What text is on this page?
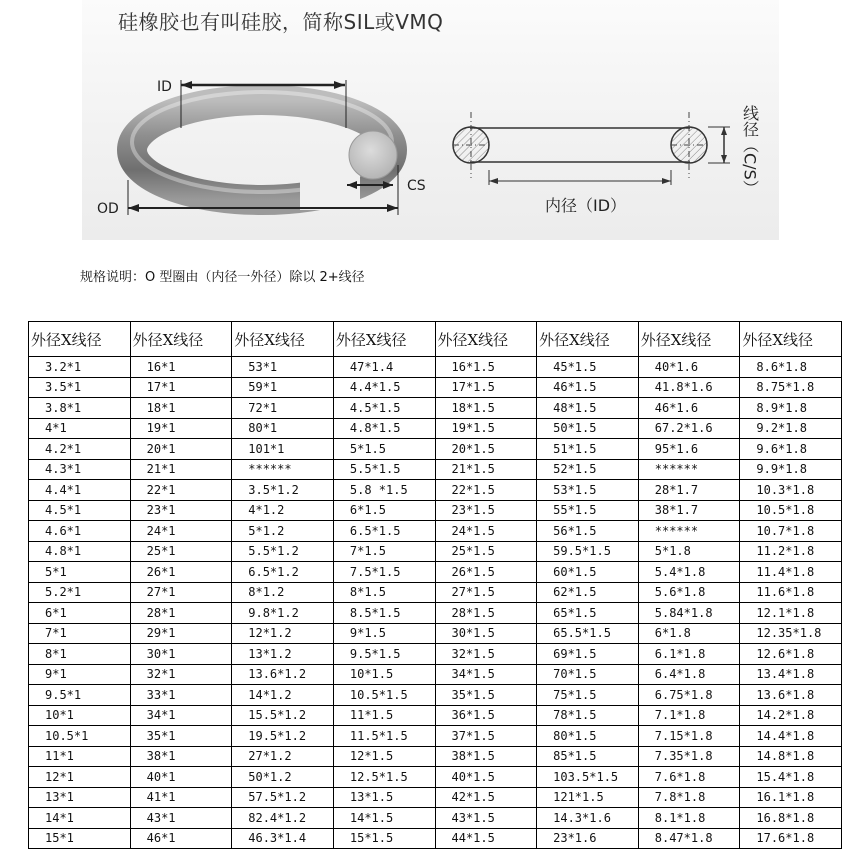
硅橡胶也有叫硅胶，简称SIL或VMQ
ID
OD
CS
内径（ID）
线径（C/S）
规格说明：O 型圈由（内径一外径）除以 2+线径
外径X线径	外径X线径	外径X线径	外径X线径	外径X线径	外径X线径	外径X线径	外径X线径
3.2*1	16*1	53*1	47*1.4	16*1.5	45*1.5	40*1.6	8.6*1.8
3.5*1	17*1	59*1	4.4*1.5	17*1.5	46*1.5	41.8*1.6	8.75*1.8
3.8*1	18*1	72*1	4.5*1.5	18*1.5	48*1.5	46*1.6	8.9*1.8
4*1	19*1	80*1	4.8*1.5	19*1.5	50*1.5	67.2*1.6	9.2*1.8
4.2*1	20*1	101*1	5*1.5	20*1.5	51*1.5	95*1.6	9.6*1.8
4.3*1	21*1	******	5.5*1.5	21*1.5	52*1.5	******	9.9*1.8
4.4*1	22*1	3.5*1.2	5.8 *1.5	22*1.5	53*1.5	28*1.7	10.3*1.8
4.5*1	23*1	4*1.2	6*1.5	23*1.5	55*1.5	38*1.7	10.5*1.8
4.6*1	24*1	5*1.2	6.5*1.5	24*1.5	56*1.5	******	10.7*1.8
4.8*1	25*1	5.5*1.2	7*1.5	25*1.5	59.5*1.5	5*1.8	11.2*1.8
5*1	26*1	6.5*1.2	7.5*1.5	26*1.5	60*1.5	5.4*1.8	11.4*1.8
5.2*1	27*1	8*1.2	8*1.5	27*1.5	62*1.5	5.6*1.8	11.6*1.8
6*1	28*1	9.8*1.2	8.5*1.5	28*1.5	65*1.5	5.84*1.8	12.1*1.8
7*1	29*1	12*1.2	9*1.5	30*1.5	65.5*1.5	6*1.8	12.35*1.8
8*1	30*1	13*1.2	9.5*1.5	32*1.5	69*1.5	6.1*1.8	12.6*1.8
9*1	32*1	13.6*1.2	10*1.5	34*1.5	70*1.5	6.4*1.8	13.4*1.8
9.5*1	33*1	14*1.2	10.5*1.5	35*1.5	75*1.5	6.75*1.8	13.6*1.8
10*1	34*1	15.5*1.2	11*1.5	36*1.5	78*1.5	7.1*1.8	14.2*1.8
10.5*1	35*1	19.5*1.2	11.5*1.5	37*1.5	80*1.5	7.15*1.8	14.4*1.8
11*1	38*1	27*1.2	12*1.5	38*1.5	85*1.5	7.35*1.8	14.8*1.8
12*1	40*1	50*1.2	12.5*1.5	40*1.5	103.5*1.5	7.6*1.8	15.4*1.8
13*1	41*1	57.5*1.2	13*1.5	42*1.5	121*1.5	7.8*1.8	16.1*1.8
14*1	43*1	82.4*1.2	14*1.5	43*1.5	14.3*1.6	8.1*1.8	16.8*1.8
15*1	46*1	46.3*1.4	15*1.5	44*1.5	23*1.6	8.47*1.8	17.6*1.8
